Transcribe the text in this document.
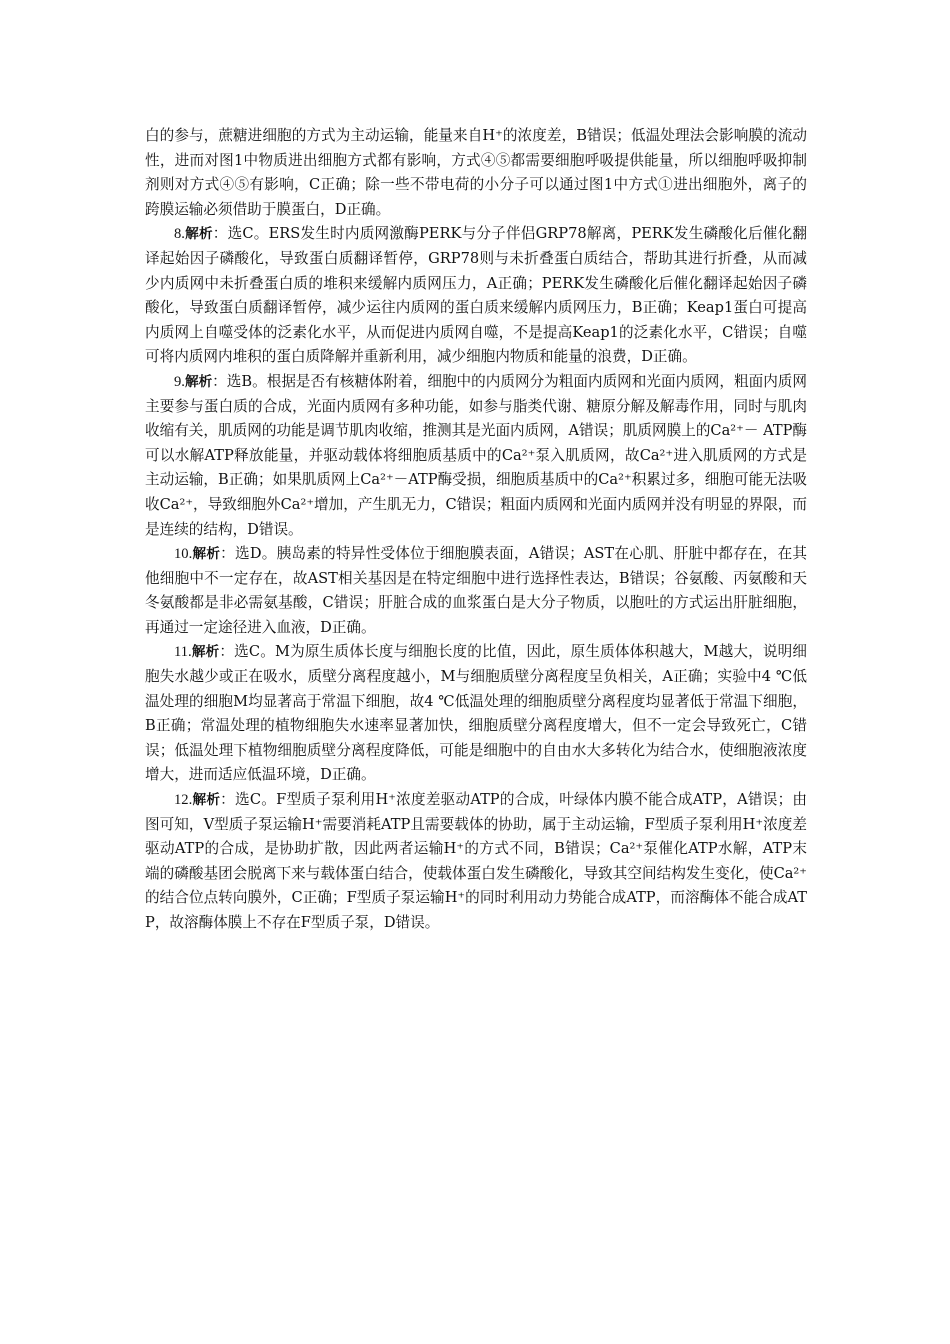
白的参与，蔗糖进细胞的方式为主动运输，能量来自H⁺的浓度差，B错误；低温处理法会影响膜的流动性，进而对图1中物质进出细胞方式都有影响，方式④⑤都需要细胞呼吸提供能量，所以细胞呼吸抑制剂则对方式④⑤有影响，C正确；除一些不带电荷的小分子可以通过图1中方式①进出细胞外，离子的跨膜运输必须借助于膜蛋白，D正确。

8.解析：选C。ERS发生时内质网激酶PERK与分子伴侣GRP78解离，PERK发生磷酸化后催化翻译起始因子磷酸化，导致蛋白质翻译暂停，GRP78则与未折叠蛋白质结合，帮助其进行折叠，从而减少内质网中未折叠蛋白质的堆积来缓解内质网压力，A正确；PERK发生磷酸化后催化翻译起始因子磷酸化，导致蛋白质翻译暂停，减少运往内质网的蛋白质来缓解内质网压力，B正确；Keap1蛋白可提高内质网上自噬受体的泛素化水平，从而促进内质网自噬，不是提高Keap1的泛素化水平，C错误；自噬可将内质网内堆积的蛋白质降解并重新利用，减少细胞内物质和能量的浪费，D正确。

9.解析：选B。根据是否有核糖体附着，细胞中的内质网分为粗面内质网和光面内质网，粗面内质网主要参与蛋白质的合成，光面内质网有多种功能，如参与脂类代谢、糖原分解及解毒作用，同时与肌肉收缩有关，肌质网的功能是调节肌肉收缩，推测其是光面内质网，A错误；肌质网膜上的Ca²⁺－ ATP酶可以水解ATP释放能量，并驱动载体将细胞质基质中的Ca²⁺泵入肌质网，故Ca²⁺进入肌质网的方式是主动运输，B正确；如果肌质网上Ca²⁺－ATP酶受损，细胞质基质中的Ca²⁺积累过多，细胞可能无法吸收Ca²⁺，导致细胞外Ca²⁺增加，产生肌无力，C错误；粗面内质网和光面内质网并没有明显的界限，而是连续的结构，D错误。

10.解析：选D。胰岛素的特异性受体位于细胞膜表面，A错误；AST在心肌、肝脏中都存在，在其他细胞中不一定存在，故AST相关基因是在特定细胞中进行选择性表达，B错误；谷氨酸、丙氨酸和天冬氨酸都是非必需氨基酸，C错误；肝脏合成的血浆蛋白是大分子物质，以胞吐的方式运出肝脏细胞，再通过一定途径进入血液，D正确。

11.解析：选C。M为原生质体长度与细胞长度的比值，因此，原生质体体积越大，M越大，说明细胞失水越少或正在吸水，质壁分离程度越小，M与细胞质壁分离程度呈负相关，A正确；实验中4 ℃低温处理的细胞M均显著高于常温下细胞，故4 ℃低温处理的细胞质壁分离程度均显著低于常温下细胞，B正确；常温处理的植物细胞失水速率显著加快，细胞质壁分离程度增大，但不一定会导致死亡，C错误；低温处理下植物细胞质壁分离程度降低，可能是细胞中的自由水大多转化为结合水，使细胞液浓度增大，进而适应低温环境，D正确。

12.解析：选C。F型质子泵利用H⁺浓度差驱动ATP的合成，叶绿体内膜不能合成ATP，A错误；由图可知，V型质子泵运输H⁺需要消耗ATP且需要载体的协助，属于主动运输，F型质子泵利用H⁺浓度差驱动ATP的合成，是协助扩散，因此两者运输H⁺的方式不同，B错误；Ca²⁺泵催化ATP水解，ATP末端的磷酸基团会脱离下来与载体蛋白结合，使载体蛋白发生磷酸化，导致其空间结构发生变化，使Ca²⁺的结合位点转向膜外，C正确；F型质子泵运输H⁺的同时利用动力势能合成ATP，而溶酶体不能合成ATP，故溶酶体膜上不存在F型质子泵，D错误。
